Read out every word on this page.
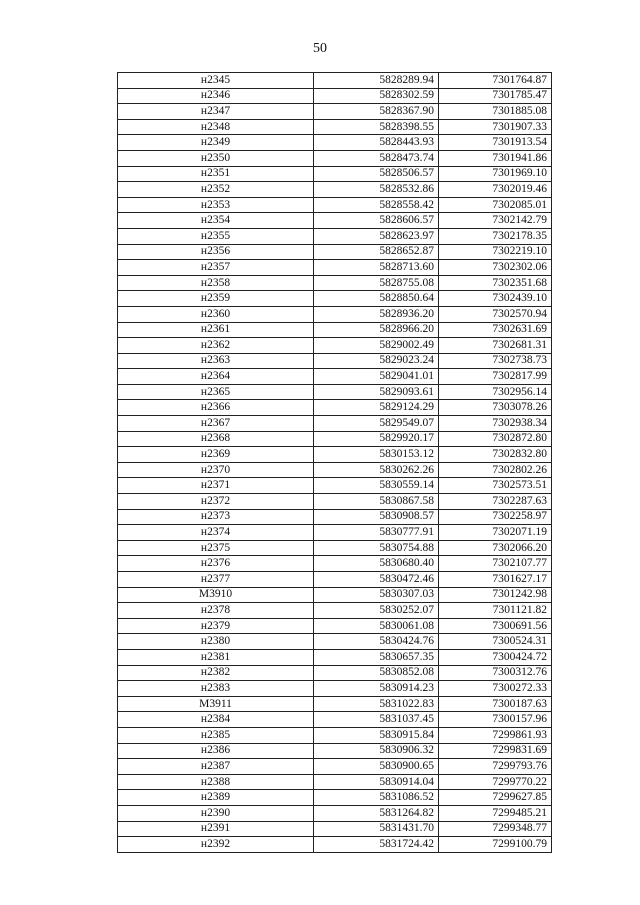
50
н2345	5828289.94	7301764.87
н2346	5828302.59	7301785.47
н2347	5828367.90	7301885.08
н2348	5828398.55	7301907.33
н2349	5828443.93	7301913.54
н2350	5828473.74	7301941.86
н2351	5828506.57	7301969.10
н2352	5828532.86	7302019.46
н2353	5828558.42	7302085.01
н2354	5828606.57	7302142.79
н2355	5828623.97	7302178.35
н2356	5828652.87	7302219.10
н2357	5828713.60	7302302.06
н2358	5828755.08	7302351.68
н2359	5828850.64	7302439.10
н2360	5828936.20	7302570.94
н2361	5828966.20	7302631.69
н2362	5829002.49	7302681.31
н2363	5829023.24	7302738.73
н2364	5829041.01	7302817.99
н2365	5829093.61	7302956.14
н2366	5829124.29	7303078.26
н2367	5829549.07	7302938.34
н2368	5829920.17	7302872.80
н2369	5830153.12	7302832.80
н2370	5830262.26	7302802.26
н2371	5830559.14	7302573.51
н2372	5830867.58	7302287.63
н2373	5830908.57	7302258.97
н2374	5830777.91	7302071.19
н2375	5830754.88	7302066.20
н2376	5830680.40	7302107.77
н2377	5830472.46	7301627.17
М3910	5830307.03	7301242.98
н2378	5830252.07	7301121.82
н2379	5830061.08	7300691.56
н2380	5830424.76	7300524.31
н2381	5830657.35	7300424.72
н2382	5830852.08	7300312.76
н2383	5830914.23	7300272.33
М3911	5831022.83	7300187.63
н2384	5831037.45	7300157.96
н2385	5830915.84	7299861.93
н2386	5830906.32	7299831.69
н2387	5830900.65	7299793.76
н2388	5830914.04	7299770.22
н2389	5831086.52	7299627.85
н2390	5831264.82	7299485.21
н2391	5831431.70	7299348.77
н2392	5831724.42	7299100.79
